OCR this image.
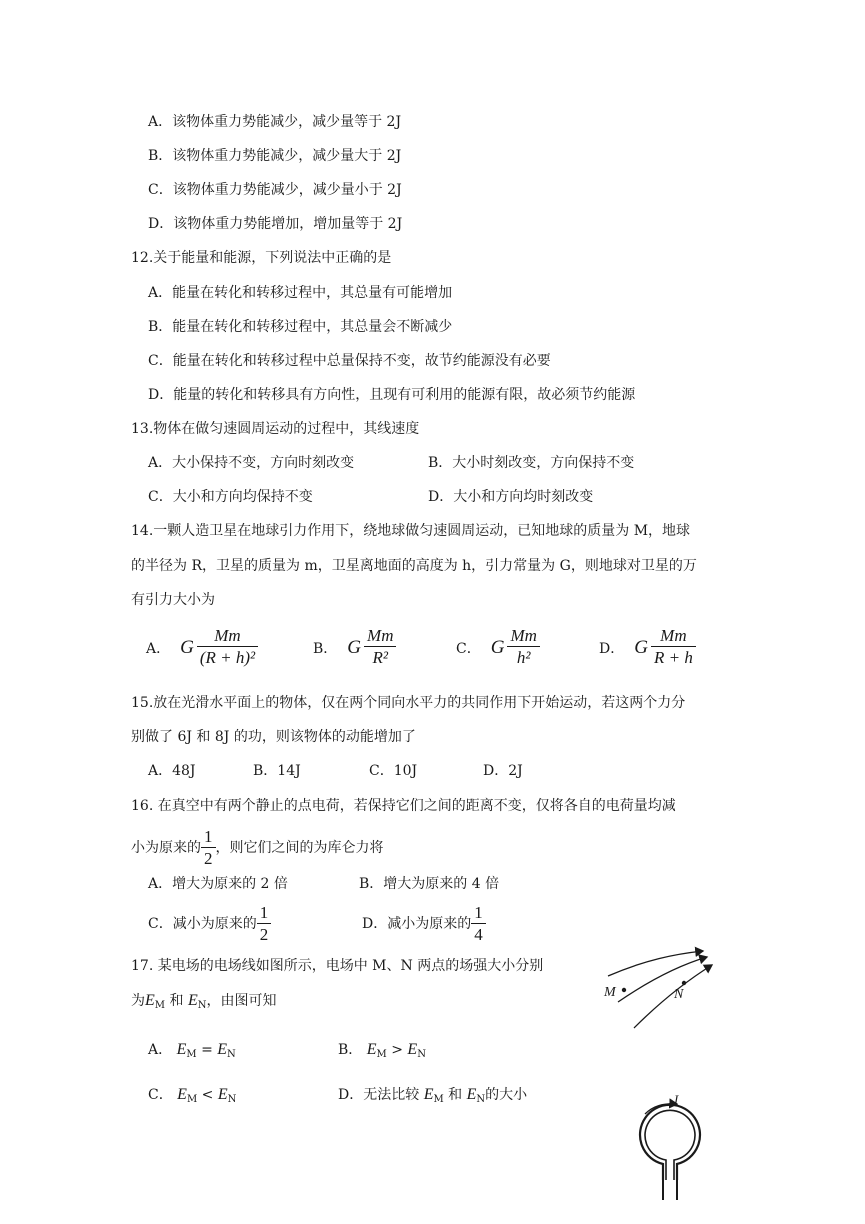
A．该物体重力势能减少，减少量等于 2J
B．该物体重力势能减少，减少量大于 2J
C．该物体重力势能减少，减少量小于 2J
D．该物体重力势能增加，增加量等于 2J
12.关于能量和能源，下列说法中正确的是
A．能量在转化和转移过程中，其总量有可能增加
B．能量在转化和转移过程中，其总量会不断减少
C．能量在转化和转移过程中总量保持不变，故节约能源没有必要
D．能量的转化和转移具有方向性，且现有可利用的能源有限，故必须节约能源
13.物体在做匀速圆周运动的过程中，其线速度
A．大小保持不变，方向时刻改变	B．大小时刻改变，方向保持不变
C．大小和方向均保持不变	D．大小和方向均时刻改变
14.一颗人造卫星在地球引力作用下，绕地球做匀速圆周运动，已知地球的质量为 M，地球
的半径为 R，卫星的质量为 m，卫星离地面的高度为 h，引力常量为 G，则地球对卫星的万
有引力大小为
A． G $\frac{Mm}{\text{(R + h)²}}$	B． G $\frac{Mm}{\text{R²}}$	C． G $\frac{Mm}{\text{h²}}$	D． G $\frac{Mm}{R + h}$
15.放在光滑水平面上的物体，仅在两个同向水平力的共同作用下开始运动，若这两个力分
别做了 6J 和 8J 的功，则该物体的动能增加了
A．48J	B．14J	C．10J	D．2J
16. 在真空中有两个静止的点电荷，若保持它们之间的距离不变，仅将各自的电荷量均减
小为原来的 $\frac{1}{2}$ ，则它们之间的为库仑力将
A．增大为原来的 2 倍	B．增大为原来的 4 倍
C．减小为原来的 $\frac{1}{2}$	D．减小为原来的 $\frac{1}{4}$
17. 某电场的电场线如图所示，电场中 M、N 两点的场强大小分别
为$E_M$ 和 $E_N$，由图可知
A． $E_M = E_N$	B． $E_M > E_N$
C． $E_M < E_N$	D．无法比较 $E_M$ 和 $E_N$的大小
M	N
I
